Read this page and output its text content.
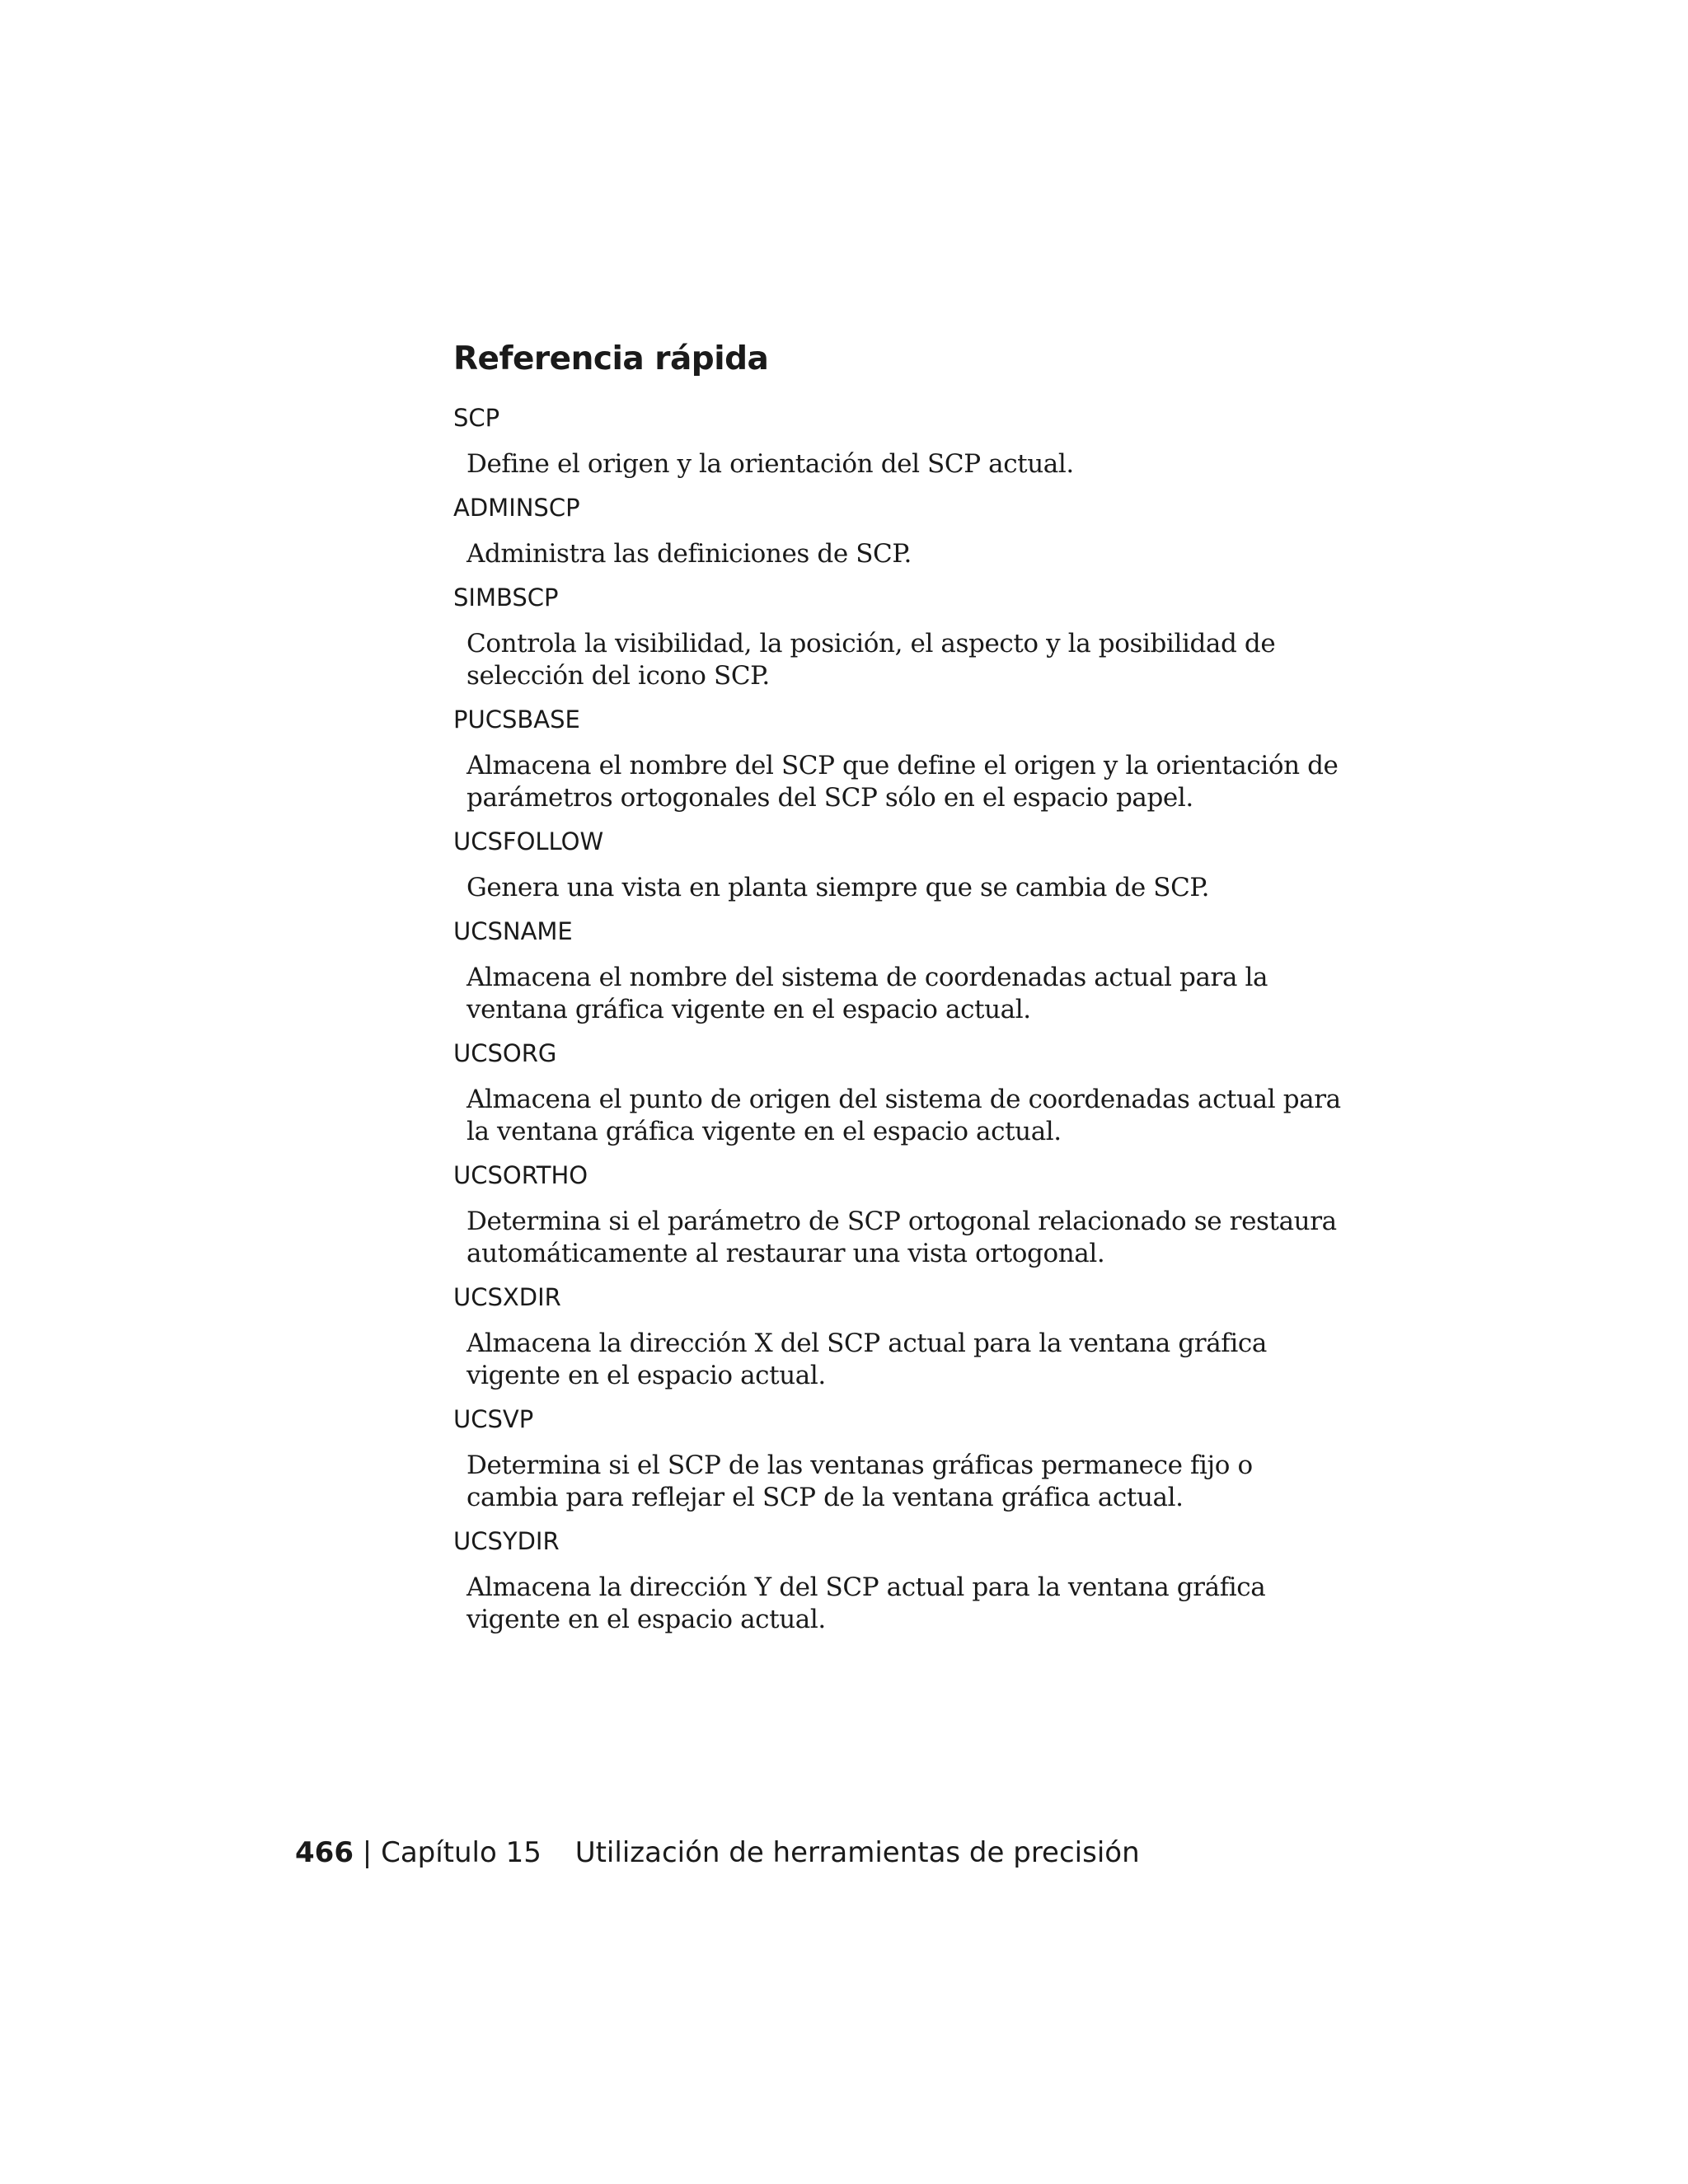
Referencia rápida

SCP

Define el origen y la orientación del SCP actual.

ADMINSCP

Administra las definiciones de SCP.

SIMBSCP

Controla la visibilidad, la posición, el aspecto y la posibilidad de selección del icono SCP.

PUCSBASE

Almacena el nombre del SCP que define el origen y la orientación de parámetros ortogonales del SCP sólo en el espacio papel.

UCSFOLLOW

Genera una vista en planta siempre que se cambia de SCP.

UCSNAME

Almacena el nombre del sistema de coordenadas actual para la ventana gráfica vigente en el espacio actual.

UCSORG

Almacena el punto de origen del sistema de coordenadas actual para la ventana gráfica vigente en el espacio actual.

UCSORTHO

Determina si el parámetro de SCP ortogonal relacionado se restaura automáticamente al restaurar una vista ortogonal.

UCSXDIR

Almacena la dirección X del SCP actual para la ventana gráfica vigente en el espacio actual.

UCSVP

Determina si el SCP de las ventanas gráficas permanece fijo o cambia para reflejar el SCP de la ventana gráfica actual.

UCSYDIR

Almacena la dirección Y del SCP actual para la ventana gráfica vigente en el espacio actual.

466 | Capítulo 15 Utilización de herramientas de precisión
